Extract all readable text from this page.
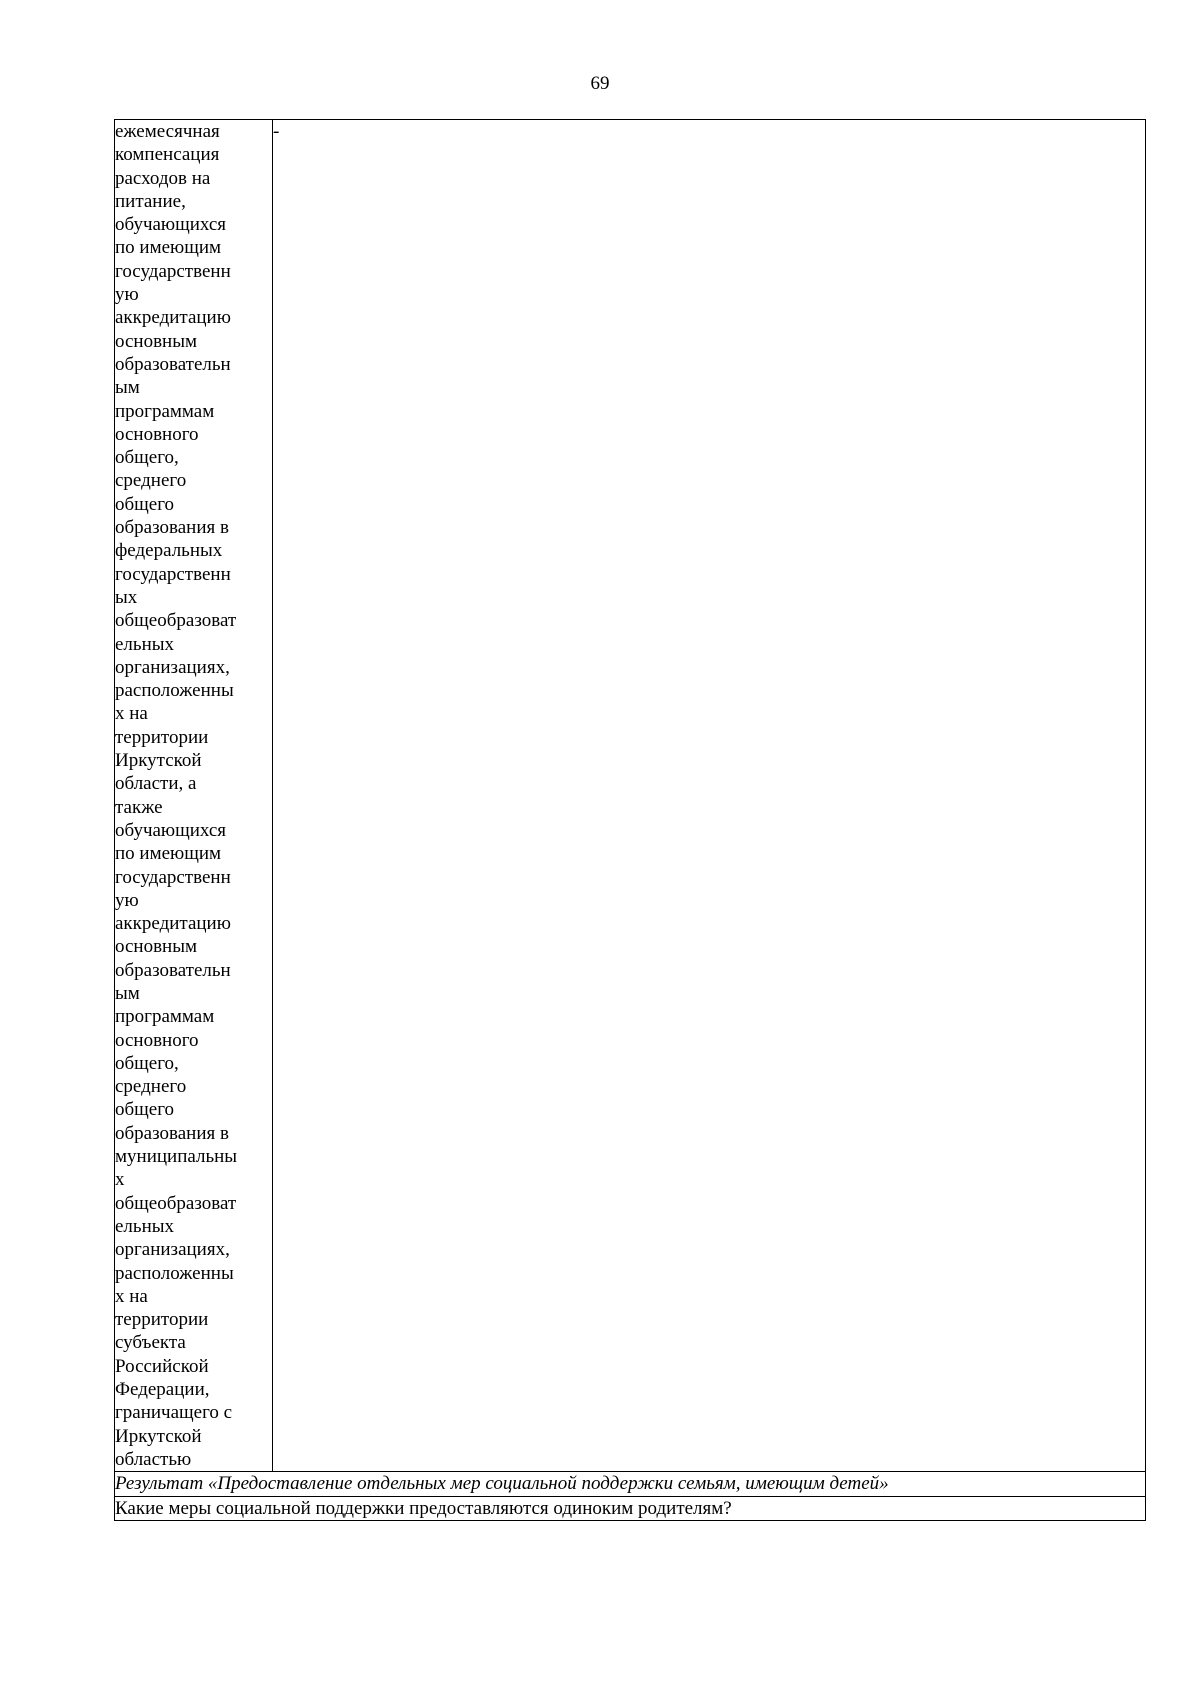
69
ежемесячная
компенсация
расходов на
питание,
обучающихся
по имеющим
государственн
ую
аккредитацию
основным
образовательн
ым
программам
основного
общего,
среднего
общего
образования в
федеральных
государственн
ых
общеобразоват
ельных
организациях,
расположенны
х на
территории
Иркутской
области, а
также
обучающихся
по имеющим
государственн
ую
аккредитацию
основным
образовательн
ым
программам
основного
общего,
среднего
общего
образования в
муниципальны
х
общеобразоват
ельных
организациях,
расположенны
х на
территории
субъекта
Российской
Федерации,
граничащего с
Иркутской
областью
	-
Результат «Предоставление отдельных мер социальной поддержки семьям, имеющим детей»
Какие меры социальной поддержки предоставляются одиноким родителям?
